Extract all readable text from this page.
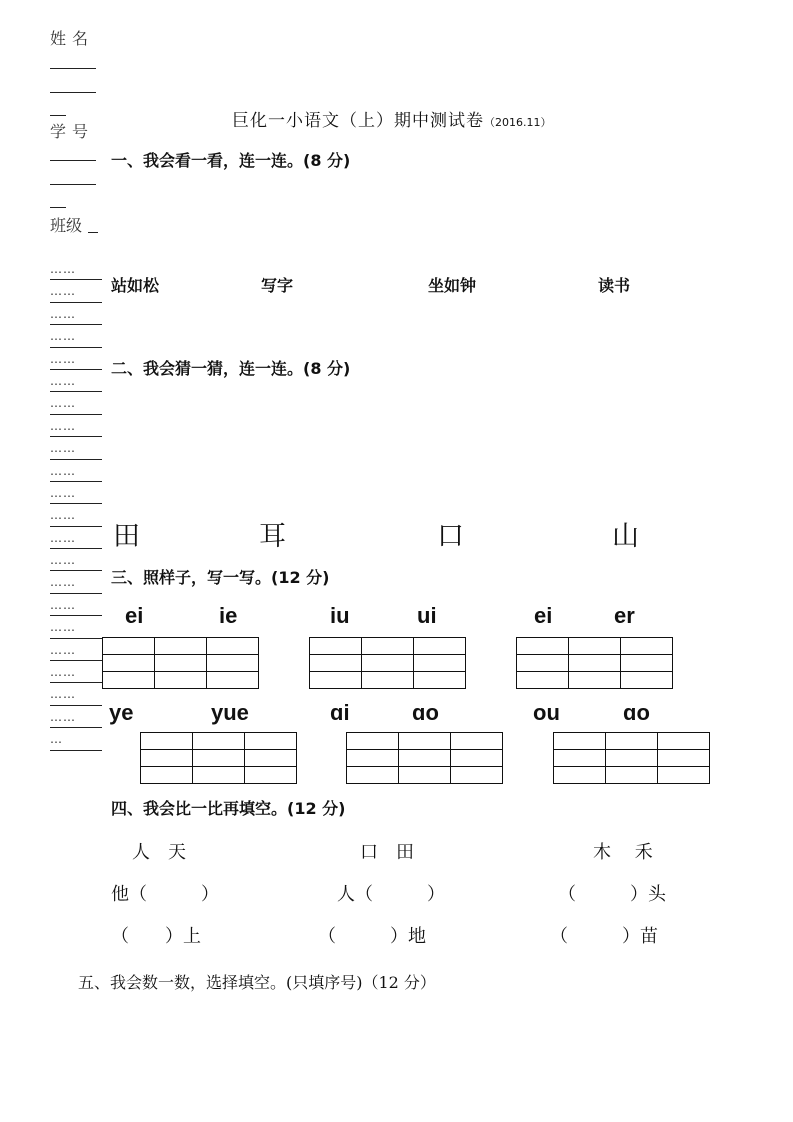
姓名
学号
班级
……
……
……
……
……
……
……
……
……
……
……
……
……
……
……
……
……
……
……
……
……
…
巨化一小语文（上）期中测试卷（2016.11）
一、我会看一看，连一连。(8 分)
站如松	写字	坐如钟	读书
二、我会猜一猜，连一连。(8 分)
田	耳	口	山
三、照样子，写一写。(12 分)
ei	ie	iu	ui	ei	er

ye	yue	ɑi	ɑo	ou	ɑo

四、我会比一比再填空。(12 分)
人　天	口　田	木　 禾
他（　　　）	人（　　　）	（　　　）头
（　　）上	（　　　）地	（　　　）苗
五、我会数一数，选择填空。(只填序号)（12 分）
